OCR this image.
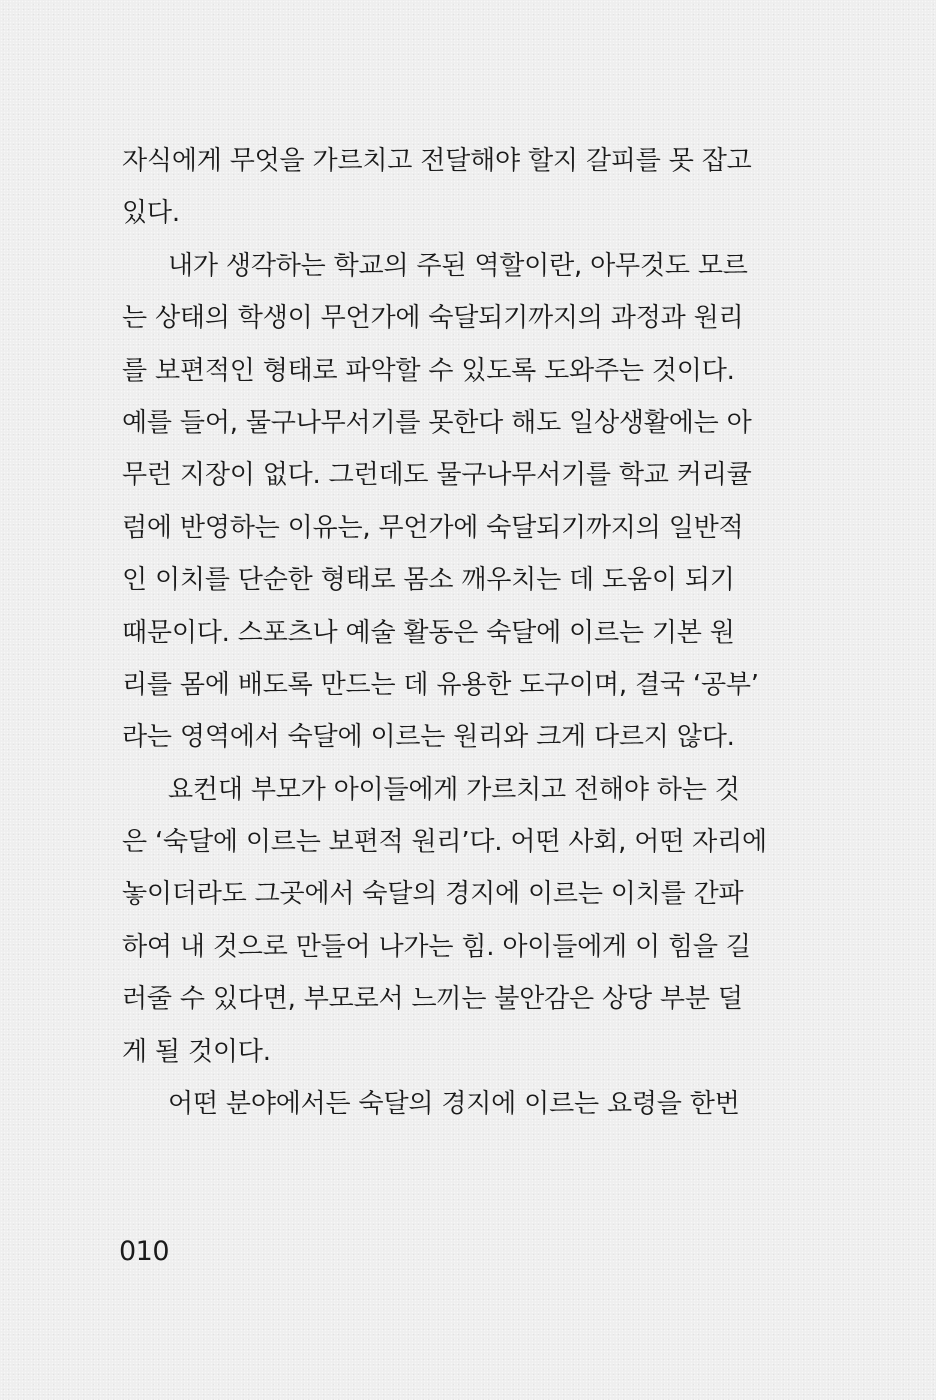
자식에게 무엇을 가르치고 전달해야 할지 갈피를 못 잡고
있다.
내가 생각하는 학교의 주된 역할이란, 아무것도 모르
는 상태의 학생이 무언가에 숙달되기까지의 과정과 원리
를 보편적인 형태로 파악할 수 있도록 도와주는 것이다.
예를 들어, 물구나무서기를 못한다 해도 일상생활에는 아
무런 지장이 없다. 그런데도 물구나무서기를 학교 커리큘
럼에 반영하는 이유는, 무언가에 숙달되기까지의 일반적
인 이치를 단순한 형태로 몸소 깨우치는 데 도움이 되기
때문이다. 스포츠나 예술 활동은 숙달에 이르는 기본 원
리를 몸에 배도록 만드는 데 유용한 도구이며, 결국 ‘공부’
라는 영역에서 숙달에 이르는 원리와 크게 다르지 않다.
요컨대 부모가 아이들에게 가르치고 전해야 하는 것
은 ‘숙달에 이르는 보편적 원리’다. 어떤 사회, 어떤 자리에
놓이더라도 그곳에서 숙달의 경지에 이르는 이치를 간파
하여 내 것으로 만들어 나가는 힘. 아이들에게 이 힘을 길
러줄 수 있다면, 부모로서 느끼는 불안감은 상당 부분 덜
게 될 것이다.
어떤 분야에서든 숙달의 경지에 이르는 요령을 한번
010
